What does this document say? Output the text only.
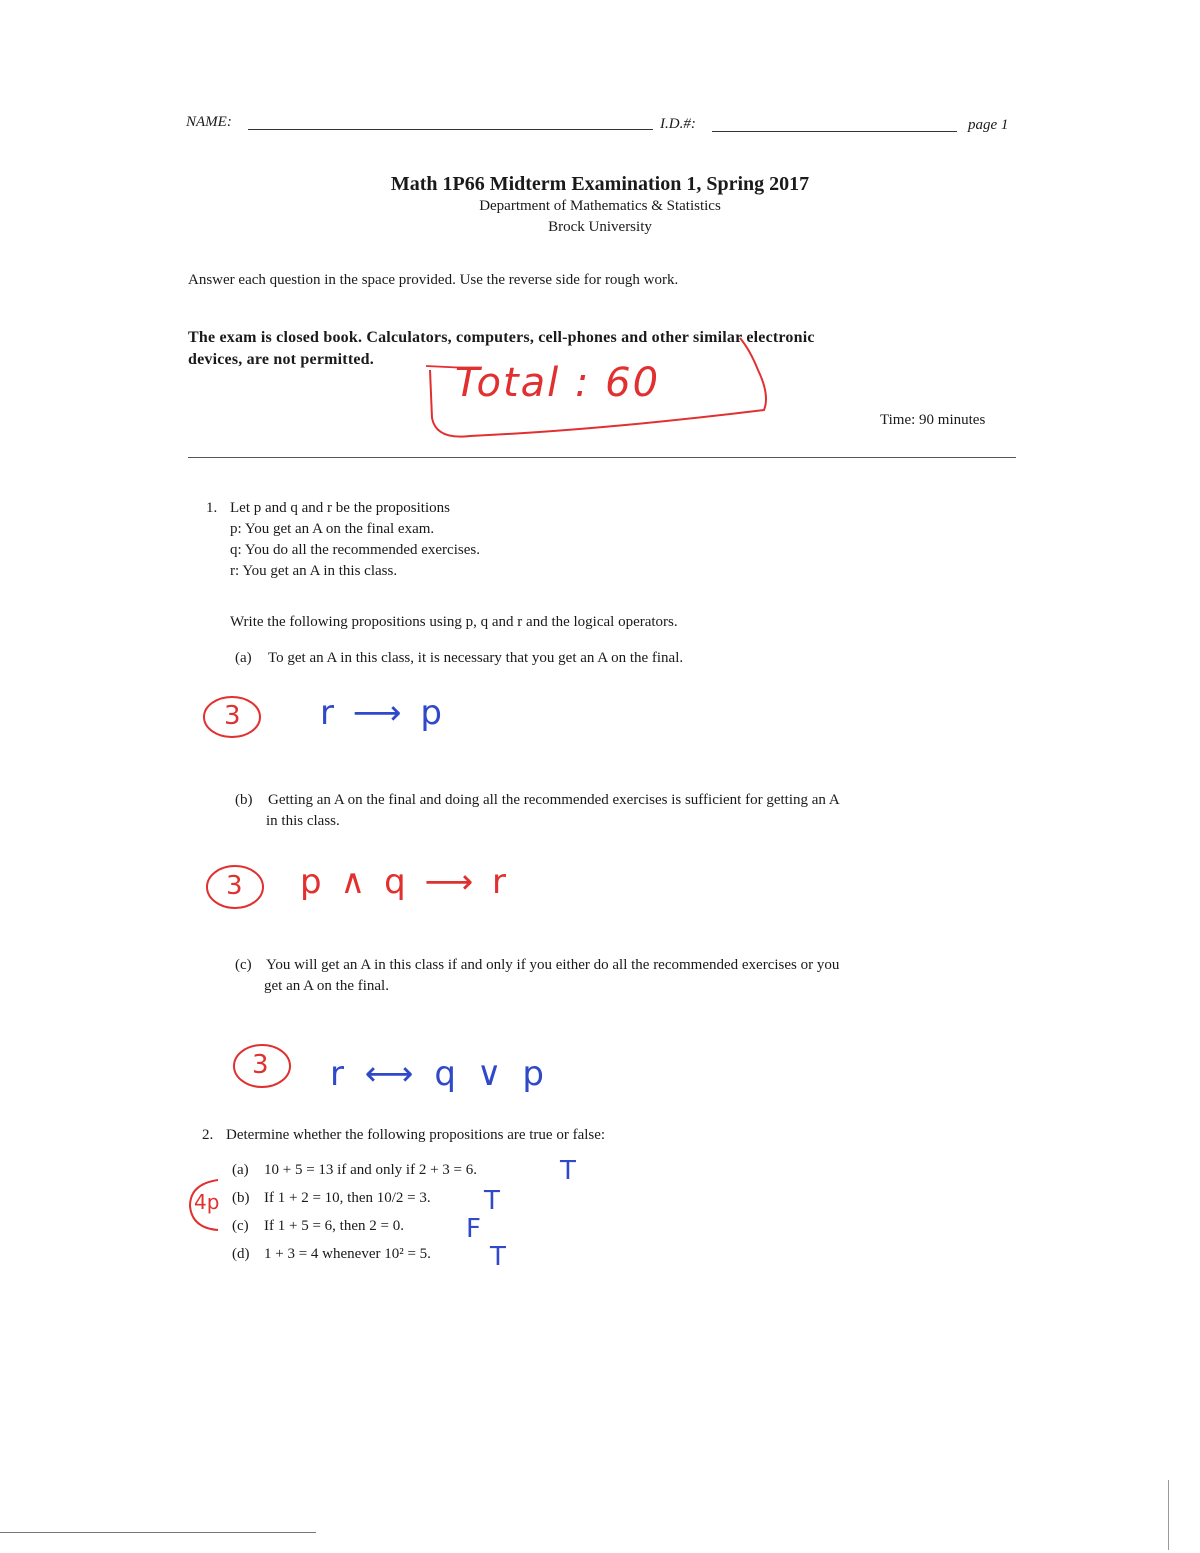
NAME:	I.D.#:	page 1
Math 1P66 Midterm Examination 1, Spring 2017
Department of Mathematics & Statistics
Brock University
Answer each question in the space provided. Use the reverse side for rough work.
The exam is closed book. Calculators, computers, cell-phones and other similar electronic
devices, are not permitted.
Time: 90 minutes
Total : 60
1. Let p and q and r be the propositions
p: You get an A on the final exam.
q: You do all the recommended exercises.
r: You get an A in this class.
Write the following propositions using p, q and r and the logical operators.
(a) To get an A in this class, it is necessary that you get an A on the final.
3 r ⟶ p
(b) Getting an A on the final and doing all the recommended exercises is sufficient for getting an A
in this class.
3 p ∧ q ⟶ r
(c) You will get an A in this class if and only if you either do all the recommended exercises or you
get an A on the final.
3 r ⟷ q ∨ p
2. Determine whether the following propositions are true or false:
4p
(a) 10 + 5 = 13 if and only if 2 + 3 = 6.	T
(b) If 1 + 2 = 10, then 10/2 = 3. T
(c) If 1 + 5 = 6, then 2 = 0. F
(d) 1 + 3 = 4 whenever 10² = 5. T
